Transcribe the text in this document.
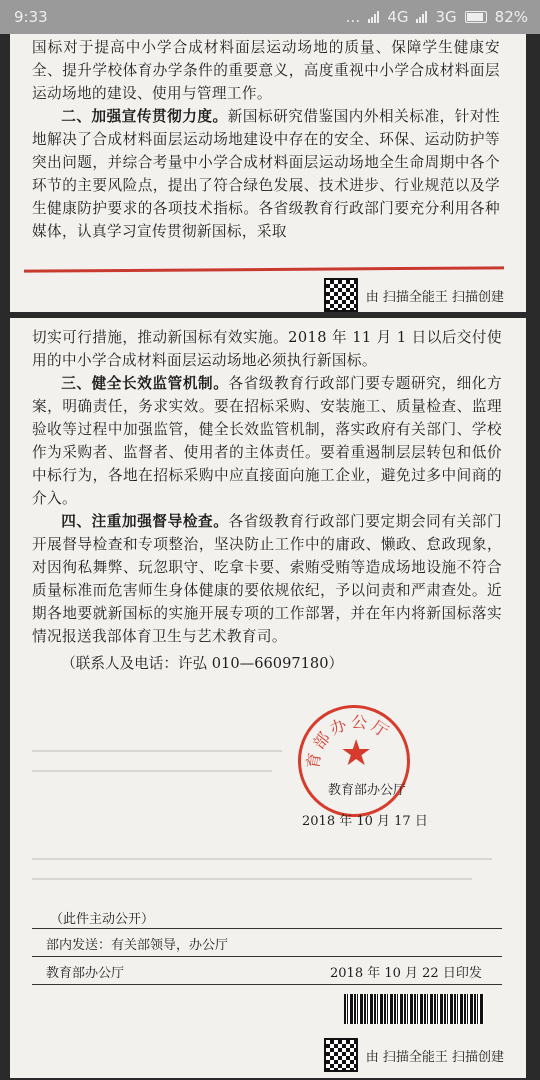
9:33	… 4G 3G	82%

国标对于提高中小学合成材料面层运动场地的质量、保障学生健康安全、提升学校体育办学条件的重要意义，高度重视中小学合成材料面层运动场地的建设、使用与管理工作。

二、加强宣传贯彻力度。新国标研究借鉴国内外相关标准，针对性地解决了合成材料面层运动场地建设中存在的安全、环保、运动防护等突出问题，并综合考量中小学合成材料面层运动场地全生命周期中各个环节的主要风险点，提出了符合绿色发展、技术进步、行业规范以及学生健康防护要求的各项技术指标。各省级教育行政部门要充分利用各种媒体，认真学习宣传贯彻新国标，采取

由 扫描全能王 扫描创建

切实可行措施，推动新国标有效实施。2018 年 11 月 1 日以后交付使用的中小学合成材料面层运动场地必须执行新国标。

三、健全长效监管机制。各省级教育行政部门要专题研究，细化方案，明确责任，务求实效。要在招标采购、安装施工、质量检查、监理验收等过程中加强监管，健全长效监管机制，落实政府有关部门、学校作为采购者、监督者、使用者的主体责任。要着重遏制层层转包和低价中标行为，各地在招标采购中应直接面向施工企业，避免过多中间商的介入。

四、注重加强督导检查。各省级教育行政部门要定期会同有关部门开展督导检查和专项整治，坚决防止工作中的庸政、懒政、怠政现象，对因徇私舞弊、玩忽职守、吃拿卡要、索贿受贿等造成场地设施不符合质量标准而危害师生身体健康的要依规依纪，予以问责和严肃查处。近期各地要就新国标的实施开展专项的工作部署，并在年内将新国标落实情况报送我部体育卫生与艺术教育司。

（联系人及电话：许弘 010—66097180）
育部办公厅
★
教育部办公厅
2018 年 10 月 17 日
（此件主动公开）
部内发送：有关部领导，办公厅
教育部办公厅	2018 年 10 月 22 日印发
由 扫描全能王 扫描创建
